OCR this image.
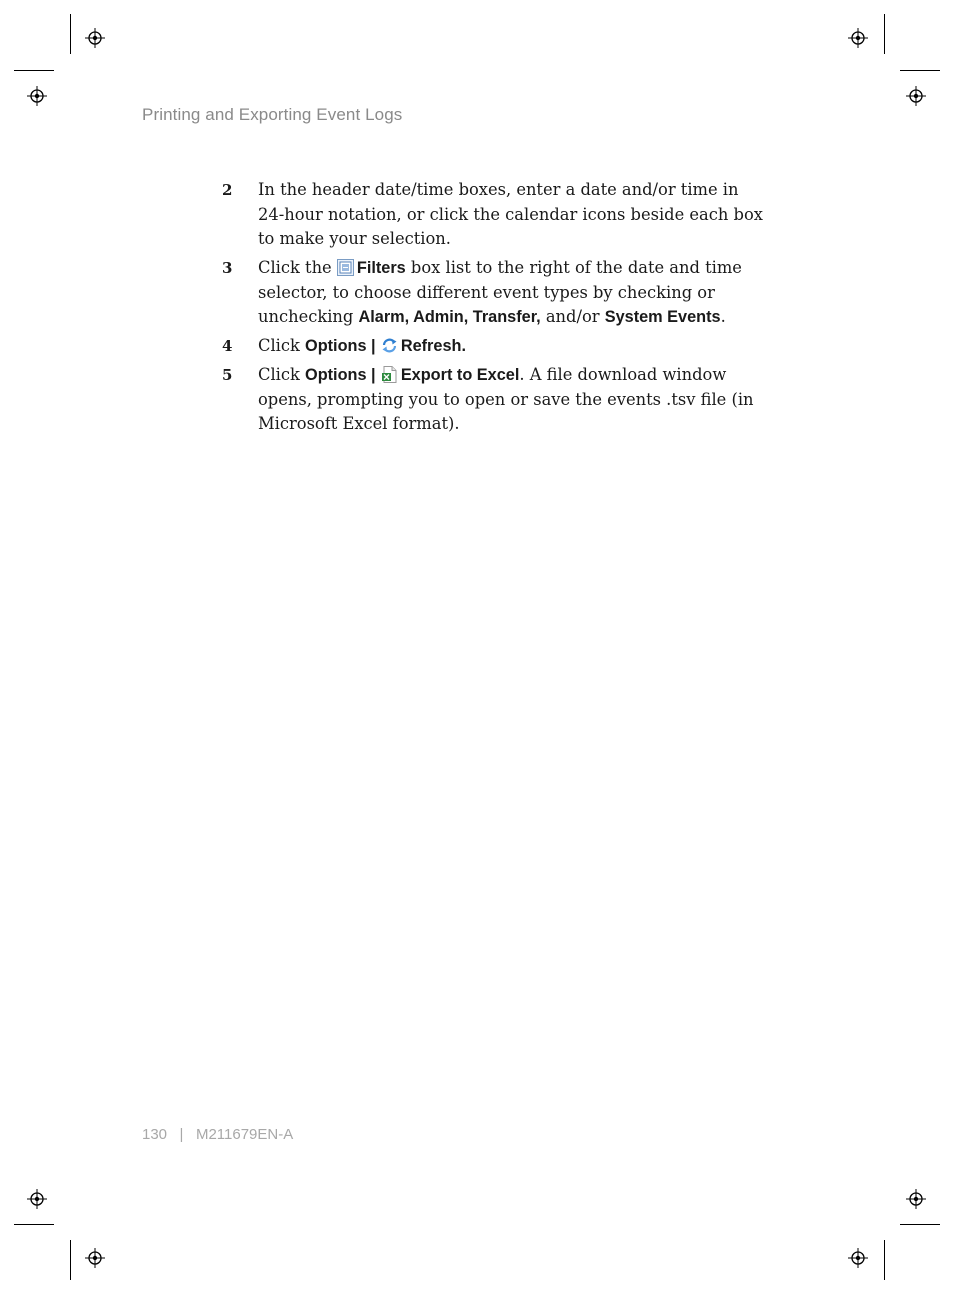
Printing and Exporting Event Logs
2 In the header date/time boxes, enter a date and/or time in 24-hour notation, or click the calendar icons beside each box to make your selection.
3 Click the Filters box list to the right of the date and time selector, to choose different event types by checking or unchecking Alarm, Admin, Transfer, and/or System Events.
4 Click Options | Refresh.
5 Click Options | Export to Excel. A file download window opens, prompting you to open or save the events .tsv file (in Microsoft Excel format).
130 | M211679EN-A
